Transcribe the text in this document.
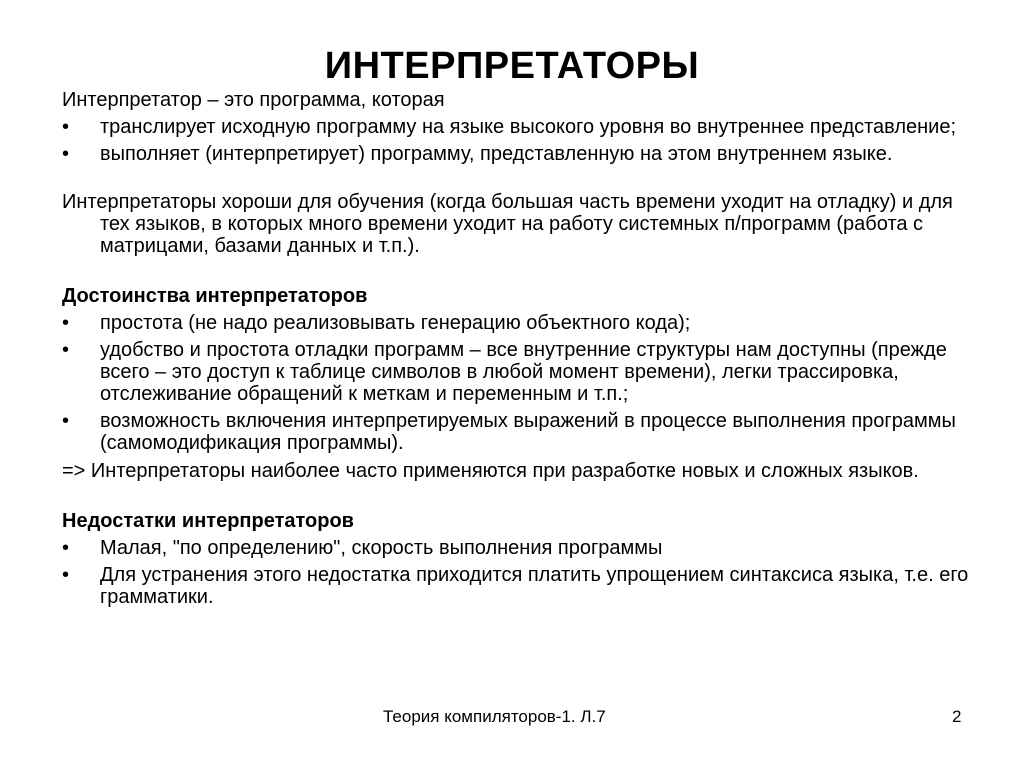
ИНТЕРПРЕТАТОРЫ
Интерпретатор – это программа, которая
•	транслирует исходную программу на языке высокого уровня во внутреннее представление;
•	выполняет (интерпретирует) программу, представленную на этом внутреннем языке.
Интерпретаторы хороши для обучения (когда большая часть времени уходит на отладку) и для тех языков, в которых много времени уходит на работу системных п/программ (работа с матрицами, базами данных и т.п.).
Достоинства интерпретаторов
•	простота (не надо реализовывать генерацию объектного кода);
•	удобство и простота отладки программ – все внутренние структуры нам доступны (прежде всего – это доступ к таблице символов в любой момент времени), легки трассировка, отслеживание обращений к меткам и переменным и т.п.;
•	возможность включения интерпретируемых выражений в процессе выполнения программы (самомодификация программы).
=> Интерпретаторы наиболее часто применяются при разработке новых и сложных языков.
Недостатки интерпретаторов
•	Малая, "по определению", скорость выполнения программы
•	Для устранения этого недостатка приходится платить упрощением синтаксиса языка, т.е. его грамматики.
Теория компиляторов-1. Л.7	2
